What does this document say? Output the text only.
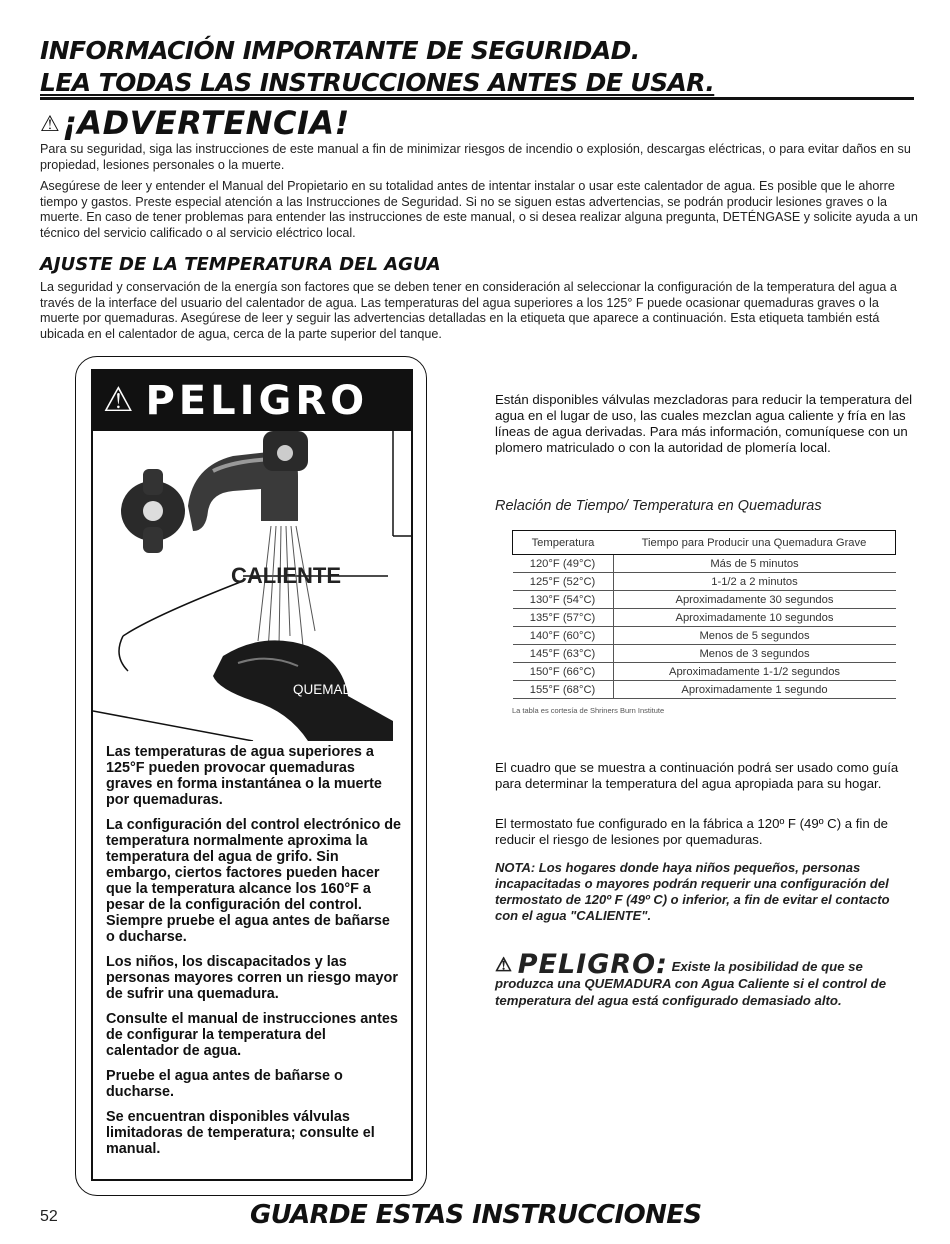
INFORMACIÓN IMPORTANTE DE SEGURIDAD.
LEA TODAS LAS INSTRUCCIONES ANTES DE USAR.
⚠¡ADVERTENCIA!
Para su seguridad, siga las instrucciones de este manual a fin de minimizar riesgos de incendio o explosión, descargas eléctricas, o para evitar daños en su propiedad, lesiones personales o la muerte.
Asegúrese de leer y entender el Manual del Propietario en su totalidad antes de intentar instalar o usar este calentador de agua. Es posible que le ahorre tiempo y gastos. Preste especial atención a las Instrucciones de Seguridad. Si no se siguen estas advertencias, se podrán producir lesiones graves o la muerte. En caso de tener problemas para entender las instrucciones de este manual, o si desea realizar alguna pregunta, DETÉNGASE y solicite ayuda a un técnico del servicio calificado o al servicio eléctrico local.
AJUSTE DE LA TEMPERATURA DEL AGUA
La seguridad y conservación de la energía son factores que se deben tener en consideración al seleccionar la configuración de la temperatura del agua a través de la interface del usuario del calentador de agua. Las temperaturas del agua superiores a los 125° F puede ocasionar quemaduras graves o la muerte por quemaduras. Asegúrese de leer y seguir las advertencias detalladas en la etiqueta que aparece a continuación. Esta etiqueta también está ubicada en el calentador de agua, cerca de la parte superior del tanque.
⚠ PELIGRO
CALIENTE
QUEMADURAS

Las temperaturas de agua superiores a 125°F pueden provocar quemaduras graves en forma instantánea o la muerte por quemaduras.

La configuración del control electrónico de temperatura normalmente aproxima la temperatura del agua de grifo. Sin embargo, ciertos factores pueden hacer que la temperatura alcance los 160°F a pesar de la configuración del control. Siempre pruebe el agua antes de bañarse o ducharse.

Los niños, los discapacitados y las personas mayores corren un riesgo mayor de sufrir una quemadura.

Consulte el manual de instrucciones antes de configurar la temperatura del calentador de agua.

Pruebe el agua antes de bañarse o ducharse.

Se encuentran disponibles válvulas limitadoras de temperatura; consulte el manual.

Están disponibles válvulas mezcladoras para reducir la temperatura del agua en el lugar de uso, las cuales mezclan agua caliente y fría en las líneas de agua derivadas. Para más información, comuníquese con un plomero matriculado o con la autoridad de plomería local.
Relación de Tiempo/ Temperatura en Quemaduras
Temperatura	Tiempo para Producir una Quemadura Grave
120°F (49°C)	Más de 5 minutos
125°F (52°C)	1-1/2 a 2 minutos
130°F (54°C)	Aproximadamente 30 segundos
135°F (57°C)	Aproximadamente 10 segundos
140°F (60°C)	Menos de 5 segundos
145°F (63°C)	Menos de 3 segundos
150°F (66°C)	Aproximadamente 1-1/2 segundos
155°F (68°C)	Aproximadamente 1 segundo
La tabla es cortesía de Shriners Burn Institute
El cuadro que se muestra a continuación podrá ser usado como guía para determinar la temperatura del agua apropiada para su hogar.
El termostato fue configurado en la fábrica a 120º F (49º C) a fin de reducir el riesgo de lesiones por quemaduras.
NOTA: Los hogares donde haya niños pequeños, personas incapacitadas o mayores podrán requerir una configuración del termostato de 120º F (49º C) o inferior, a fin de evitar el contacto con el agua "CALIENTE".
⚠ PELIGRO: Existe la posibilidad de que se produzca una QUEMADURA con Agua Caliente si el control de temperatura del agua está configurado demasiado alto.
52	GUARDE ESTAS INSTRUCCIONES
